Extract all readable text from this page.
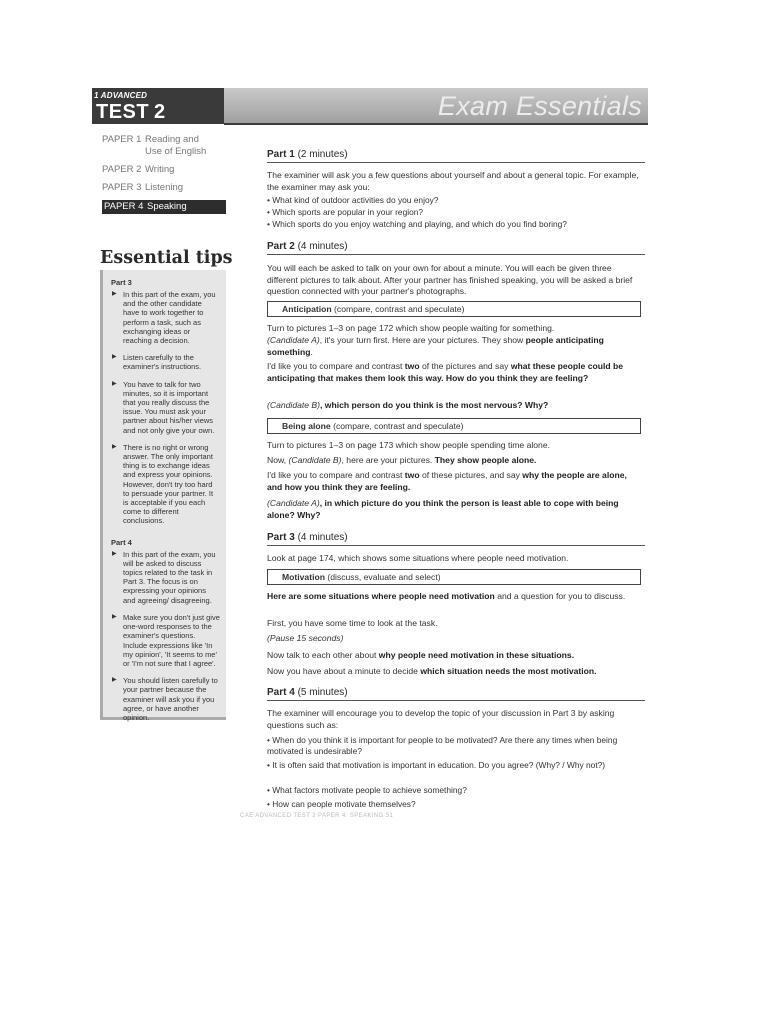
1 ADVANCED
TEST 2	Exam Essentials
PAPER 1 Reading and
Use of English
PAPER 2 Writing
PAPER 3 Listening
PAPER 4 Speaking
Essential tips
Part 3
▶ In this part of the exam, you and the other candidate have to work together to perform a task, such as exchanging ideas or reaching a decision.
▶ Listen carefully to the examiner's instructions.
▶ You have to talk for two minutes, so it is important that you really discuss the issue. You must ask your partner about his/her views and not only give your own.
▶ There is no right or wrong answer. The only important thing is to exchange ideas and express your opinions. However, don't try too hard to persuade your partner. It is acceptable if you each come to different conclusions.
Part 4
▶ In this part of the exam, you will be asked to discuss topics related to the task in Part 3. The focus is on expressing your opinions and agreeing/ disagreeing.
▶ Make sure you don't just give one-word responses to the examiner's questions. Include expressions like 'In my opinion', 'It seems to me' or 'I'm not sure that I agree'.
▶ You should listen carefully to your partner because the examiner will ask you if you agree, or have another opinion.
Part 1 (2 minutes)
The examiner will ask you a few questions about yourself and about a general topic. For example, the examiner may ask you:
• What kind of outdoor activities do you enjoy?
• Which sports are popular in your region?
• Which sports do you enjoy watching and playing, and which do you find boring?
Part 2 (4 minutes)
You will each be asked to talk on your own for about a minute. You will each be given three different pictures to talk about. After your partner has finished speaking, you will be asked a brief question connected with your partner's photographs.
Anticipation (compare, contrast and speculate)
Turn to pictures 1–3 on page 172 which show people waiting for something.
(Candidate A), it's your turn first. Here are your pictures. They show people anticipating something.
I'd like you to compare and contrast two of the pictures and say what these people could be anticipating that makes them look this way. How do you think they are feeling?
(Candidate B), which person do you think is the most nervous? Why?
Being alone (compare, contrast and speculate)
Turn to pictures 1–3 on page 173 which show people spending time alone.
Now, (Candidate B), here are your pictures. They show people alone.
I'd like you to compare and contrast two of these pictures, and say why the people are alone, and how you think they are feeling.
(Candidate A), in which picture do you think the person is least able to cope with being alone? Why?
Part 3 (4 minutes)
Look at page 174, which shows some situations where people need motivation.
Motivation (discuss, evaluate and select)
Here are some situations where people need motivation and a question for you to discuss.
First, you have some time to look at the task.
(Pause 15 seconds)
Now talk to each other about why people need motivation in these situations.
Now you have about a minute to decide which situation needs the most motivation.
Part 4 (5 minutes)
The examiner will encourage you to develop the topic of your discussion in Part 3 by asking questions such as:
• When do you think it is important for people to be motivated? Are there any times when being motivated is undesirable?
• It is often said that motivation is important in education. Do you agree? (Why? / Why not?)
• What factors motivate people to achieve something?
• How can people motivate themselves?
CAE ADVANCED TEST 2 PAPER 4: SPEAKING 51
